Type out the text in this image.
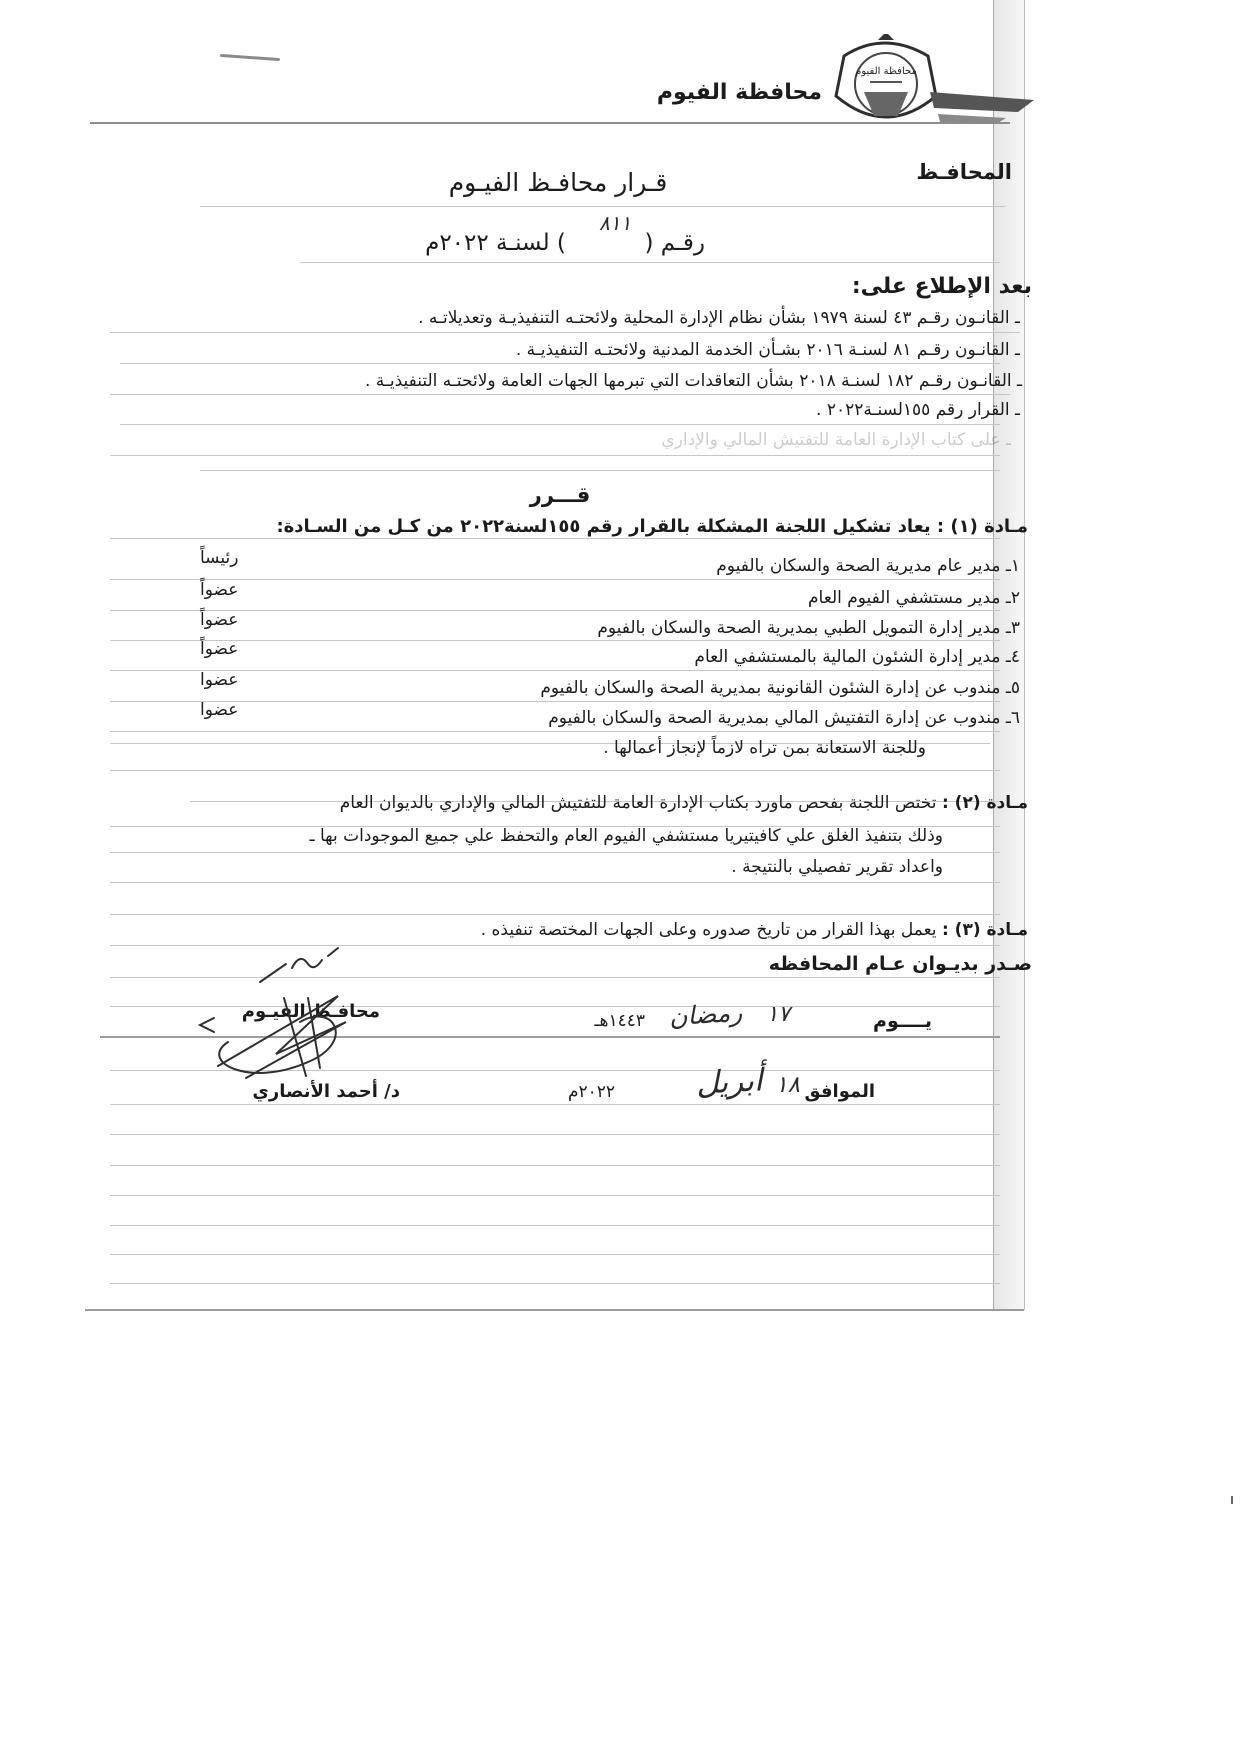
محافظة الفيوم
محافظة الفيوم
المحافـظ
قـرار محافـظ الفيـوم
رقـم (
٨١١
) لسنـة ٢٠٢٢م
بعد الإطلاع على:
ـ القانـون رقـم ٤٣ لسنة ١٩٧٩ بشأن نظام الإدارة المحلية ولائحتـه التنفيذيـة وتعديلاتـه .
ـ القانـون رقـم ٨١ لسنـة ٢٠١٦ بشـأن الخدمة المدنية ولائحتـه التنفيذيـة .
ـ القانـون رقـم ١٨٢ لسنـة ٢٠١٨ بشأن التعاقدات التي تبرمها الجهات العامة ولائحتـه التنفيذيـة .
ـ القرار رقم ١٥٥لسنـة٢٠٢٢ .
ـ على كتاب الإدارة العامة للتفتيش المالي والإداري
قـــرر
مـادة (١) : يعاد تشكيل اللجنة المشكلة بالقرار رقم ١٥٥لسنة٢٠٢٢ من كـل من السـادة:
١ـ مدير عام مديرية الصحة والسكان بالفيوم
رئيساً
٢ـ مدير مستشفي الفيوم العام
عضواً
٣ـ مدير إدارة التمويل الطبي بمديرية الصحة والسكان بالفيوم
عضواً
٤ـ مدير إدارة الشئون المالية بالمستشفي العام
عضواً
٥ـ مندوب عن إدارة الشئون القانونية بمديرية الصحة والسكان بالفيوم
عضوا
٦ـ مندوب عن إدارة التفتيش المالي بمديرية الصحة والسكان بالفيوم
عضوا
وللجنة الاستعانة بمن تراه لازماً لإنجاز أعمالها .
مـادة (٢) : تختص اللجنة بفحص ماورد بكتاب الإدارة العامة للتفتيش المالي والإداري بالديوان العام
وذلك بتنفيذ الغلق علي كافيتيريا مستشفي الفيوم العام والتحفظ علي جميع الموجودات بها ـ
واعداد تقرير تفصيلي بالنتيجة .
مـادة (٣) : يعمل بهذا القرار من تاريخ صدوره وعلى الجهات المختصة تنفيذه .
صـدر بديـوان عـام المحافظه
يــــوم
١٧
رمضان
١٤٤٣هـ
محافـظ الفيـوم
الموافق
١٨
أبريل
٢٠٢٢م
د/ أحمد الأنصاري
